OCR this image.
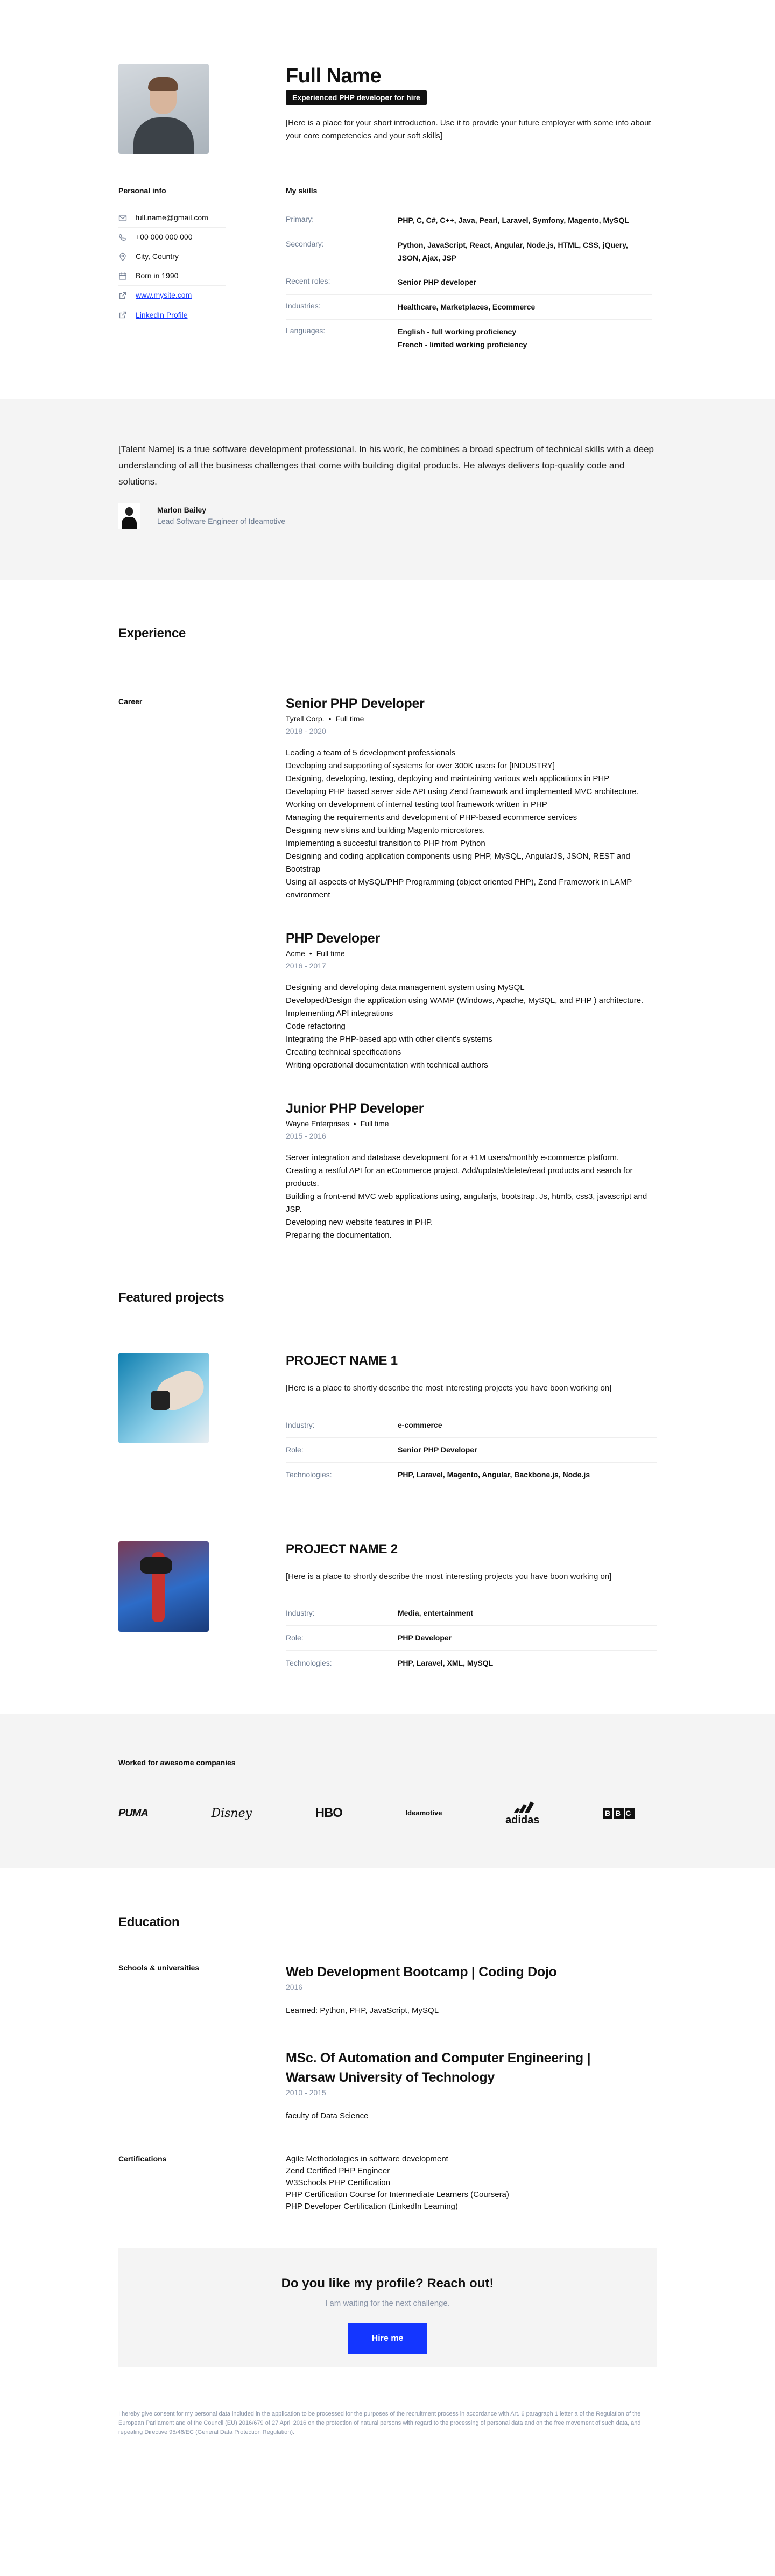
Full Name
Experienced PHP developer for hire

[Here is a place for your short introduction. Use it to provide your future employer with some info about your core competencies and your soft skills]

Personal info
full.name@gmail.com
+00 000 000 000
City, Country
Born in 1990
www.mysite.com
LinkedIn Profile
My skills
Primary:	PHP, C, C#, C++, Java, Pearl, Laravel, Symfony, Magento, MySQL
Secondary:	Python, JavaScript, React, Angular, Node.js, HTML, CSS, jQuery, JSON, Ajax, JSP
Recent roles:	Senior PHP developer
Industries:	Healthcare, Marketplaces, Ecommerce
Languages:	English - full working proficiency
French - limited working proficiency

[Talent Name] is a true software development professional. In his work, he combines a broad spectrum of technical skills with a deep understanding of all the business challenges that come with building digital products. He always delivers top-quality code and solutions.

Marlon Bailey
Lead Software Engineer of Ideamotive
Experience
Career	Senior PHP Developer
Tyrell Corp. • Full time
2018 - 2020
Leading a team of 5 development professionals
Developing and supporting of systems for over 300K users for [INDUSTRY]
Designing, developing, testing, deploying and maintaining various web applications in PHP
Developing PHP based server side API using Zend framework and implemented MVC architecture.
Working on development of internal testing tool framework written in PHP
Managing the requirements and development of PHP-based ecommerce services
Designing new skins and building Magento microstores.
Implementing a succesful transition to PHP from Python
Designing and coding application components using PHP, MySQL, AngularJS, JSON, REST and Bootstrap
Using all aspects of MySQL/PHP Programming (object oriented PHP), Zend Framework in LAMP environment
PHP Developer
Acme • Full time
2016 - 2017
Designing and developing data management system using MySQL
Developed/Design the application using WAMP (Windows, Apache, MySQL, and PHP ) architecture.
Implementing API integrations
Code refactoring
Integrating the PHP-based app with other client's systems
Creating technical specifications
Writing operational documentation with technical authors
Junior PHP Developer
Wayne Enterprises • Full time
2015 - 2016
Server integration and database development for a +1M users/monthly e-commerce platform.
Creating a restful API for an eCommerce project. Add/update/delete/read products and search for products.
Building a front-end MVC web applications using, angularjs, bootstrap. Js, html5, css3, javascript and JSP.
Developing new website features in PHP.
Preparing the documentation.
Featured projects
PROJECT NAME 1
[Here is a place to shortly describe the most interesting projects you have boon working on]
Industry:	e-commerce
Role:	Senior PHP Developer
Technologies:	PHP, Laravel, Magento, Angular, Backbone.js, Node.js
PROJECT NAME 2
[Here is a place to shortly describe the most interesting projects you have boon working on]
Industry:	Media, entertainment
Role:	PHP Developer
Technologies:	PHP, Laravel, XML, MySQL
Worked for awesome companies
PUMA	Disney	HBO	Ideamotive

adidas
BBC
Education
Schools & universities	Web Development Bootcamp | Coding Dojo
2016
Learned: Python, PHP, JavaScript, MySQL
MSc. Of Automation and Computer Engineering | Warsaw University of Technology
2010 - 2015
faculty of Data Science
Certifications	Agile Methodologies in software development
Zend Certified PHP Engineer
W3Schools PHP Certification
PHP Certification Course for Intermediate Learners (Coursera)
PHP Developer Certification (LinkedIn Learning)
Do you like my profile? Reach out!
I am waiting for the next challenge.
Hire me

I hereby give consent for my personal data included in the application to be processed for the purposes of the recruitment process in accordance with Art. 6 paragraph 1 letter a of the Regulation of the European Parliament and of the Council (EU) 2016/679 of 27 April 2016 on the protection of natural persons with regard to the processing of personal data and on the free movement of such data, and repealing Directive 95/46/EC (General Data Protection Regulation).
